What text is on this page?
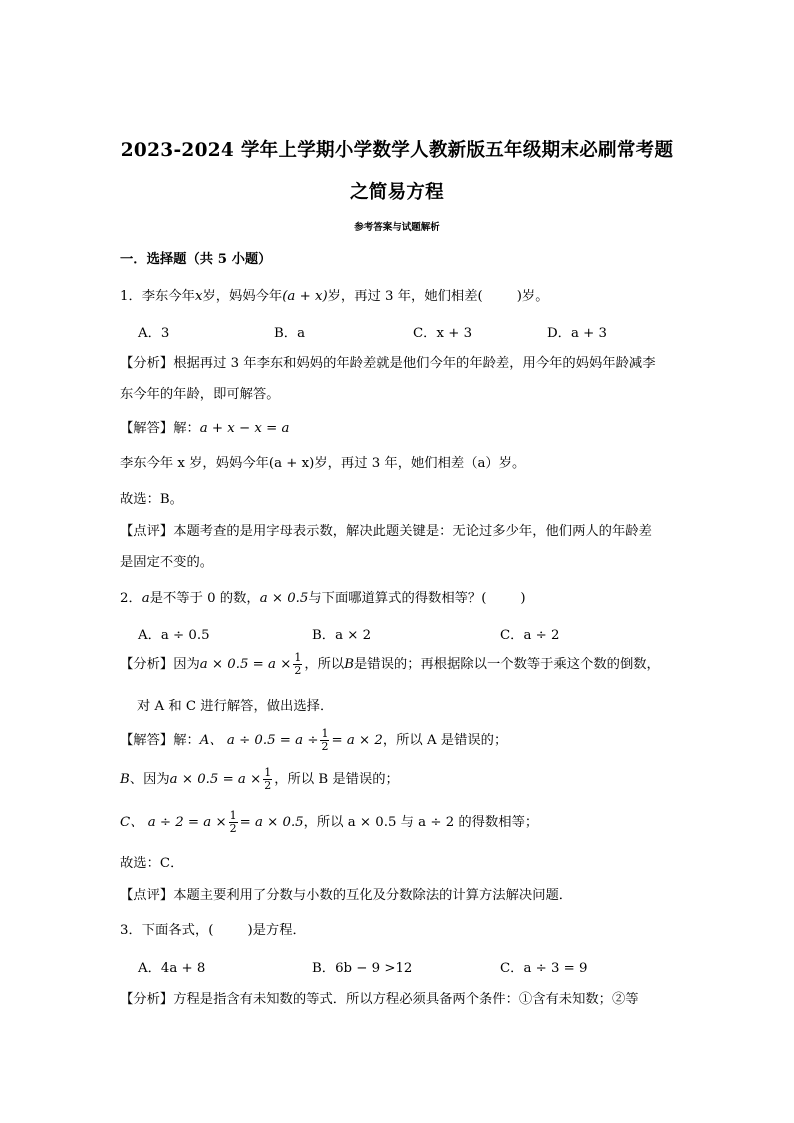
2023-2024 学年上学期小学数学人教新版五年级期末必刷常考题
之简易方程
参考答案与试题解析
一．选择题（共 5 小题）
1．李东今年x岁，妈妈今年(a + x)岁，再过 3 年，她们相差(	)岁。
A．3	B．a	C．x + 3	D．a + 3
【分析】根据再过 3 年李东和妈妈的年龄差就是他们今年的年龄差，用今年的妈妈年龄减李
东今年的年龄，即可解答。
【解答】解：a + x − x = a
李东今年 x 岁，妈妈今年(a + x)岁，再过 3 年，她们相差（a）岁。
故选：B。
【点评】本题考查的是用字母表示数，解决此题关键是：无论过多少年，他们两人的年龄差
是固定不变的。
2．a是不等于 0 的数，a × 0.5与下面哪道算式的得数相等？(	)
A．a ÷ 0.5	B．a × 2	C．a ÷ 2
【分析】因为$a \times 0.5 = a \times \frac{1}{2}$ ，所以B是错误的；再根据除以一个数等于乘这个数的倒数，
对 A 和 C 进行解答，做出选择．
【解答】解：A、 $a \div 0.5 = a \div \frac{1}{2} = a \times 2$，所以 A 是错误的；
B、因为$a \times 0.5 = a \times \frac{1}{2}$ ，所以 B 是错误的；
C、 $a \div 2 = a \times \frac{1}{2} = a \times 0.5$，所以 a × 0.5 与 a ÷ 2 的得数相等；
故选：C．
【点评】本题主要利用了分数与小数的互化及分数除法的计算方法解决问题．
3．下面各式，(	)是方程．
A．4a + 8	B．6b − 9 >12	C．a ÷ 3 = 9
【分析】方程是指含有未知数的等式．所以方程必须具备两个条件：①含有未知数；②等
